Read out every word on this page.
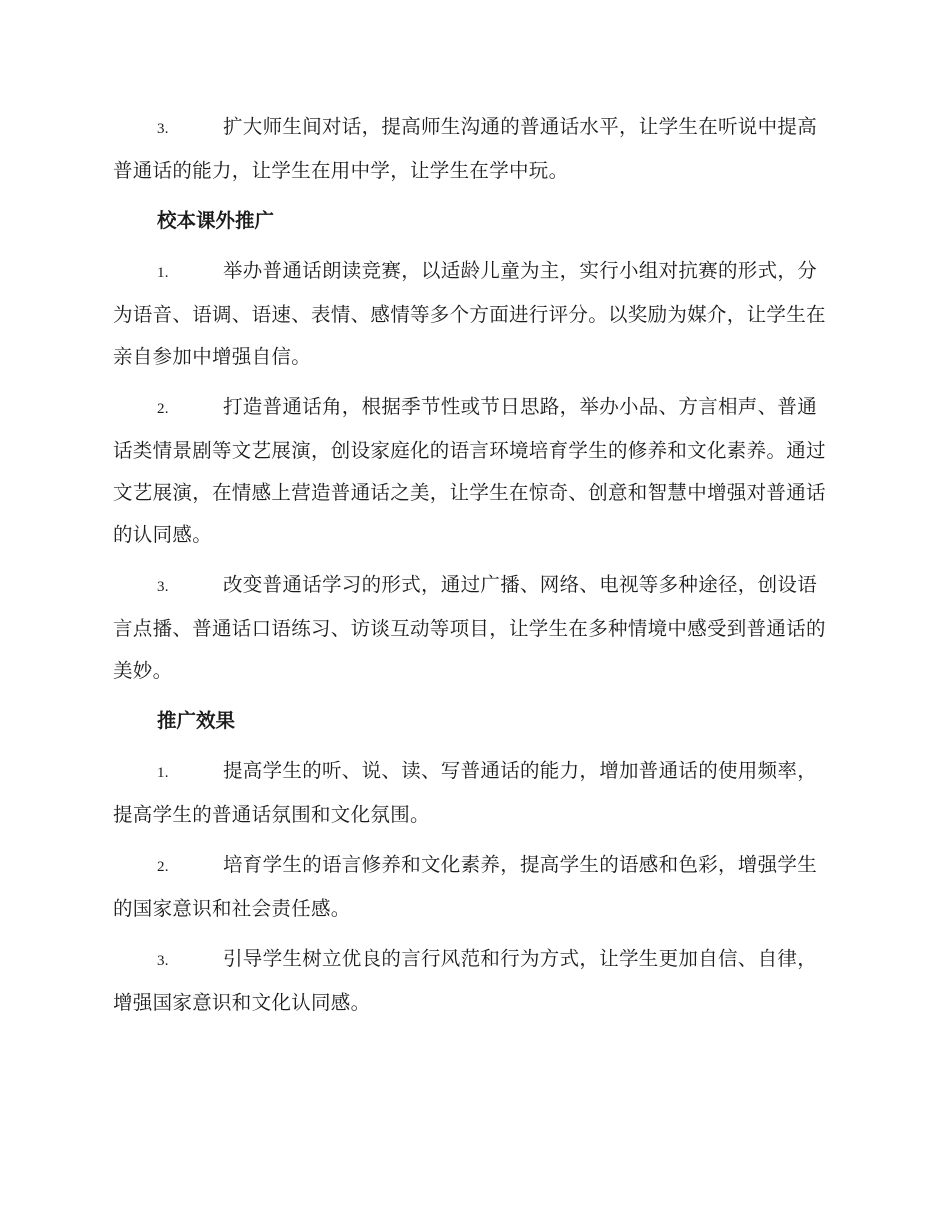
3.	扩大师生间对话，提高师生沟通的普通话水平，让学生在听说中提高普通话的能力，让学生在用中学，让学生在学中玩。

校本课外推广

1.	举办普通话朗读竞赛，以适龄儿童为主，实行小组对抗赛的形式，分为语音、语调、语速、表情、感情等多个方面进行评分。以奖励为媒介，让学生在亲自参加中增强自信。

2.	打造普通话角，根据季节性或节日思路，举办小品、方言相声、普通话类情景剧等文艺展演，创设家庭化的语言环境培育学生的修养和文化素养。通过文艺展演，在情感上营造普通话之美，让学生在惊奇、创意和智慧中增强对普通话的认同感。

3.	改变普通话学习的形式，通过广播、网络、电视等多种途径，创设语言点播、普通话口语练习、访谈互动等项目，让学生在多种情境中感受到普通话的美妙。

推广效果

1.	提高学生的听、说、读、写普通话的能力，增加普通话的使用频率，提高学生的普通话氛围和文化氛围。

2.	培育学生的语言修养和文化素养，提高学生的语感和色彩，增强学生的国家意识和社会责任感。

3.	引导学生树立优良的言行风范和行为方式，让学生更加自信、自律，增强国家意识和文化认同感。
